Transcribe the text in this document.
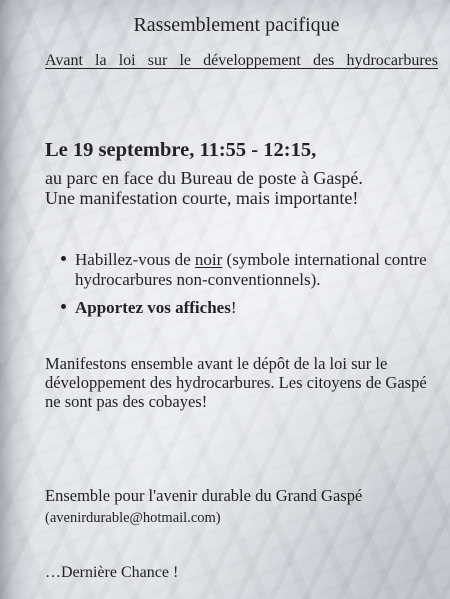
Rassemblement pacifique
Avant la loi sur le développement des hydrocarbures
Le 19 septembre, 11:55 - 12:15,
au parc en face du Bureau de poste à Gaspé.
Une manifestation courte, mais importante!
Habillez-vous de noir (symbole international contre
hydrocarbures non-conventionnels).
Apportez vos affiches!
Manifestons ensemble avant le dépôt de la loi sur le
développement des hydrocarbures. Les citoyens de Gaspé
ne sont pas des cobayes!
Ensemble pour l'avenir durable du Grand Gaspé
(avenirdurable@hotmail.com)
…Dernière Chance !
